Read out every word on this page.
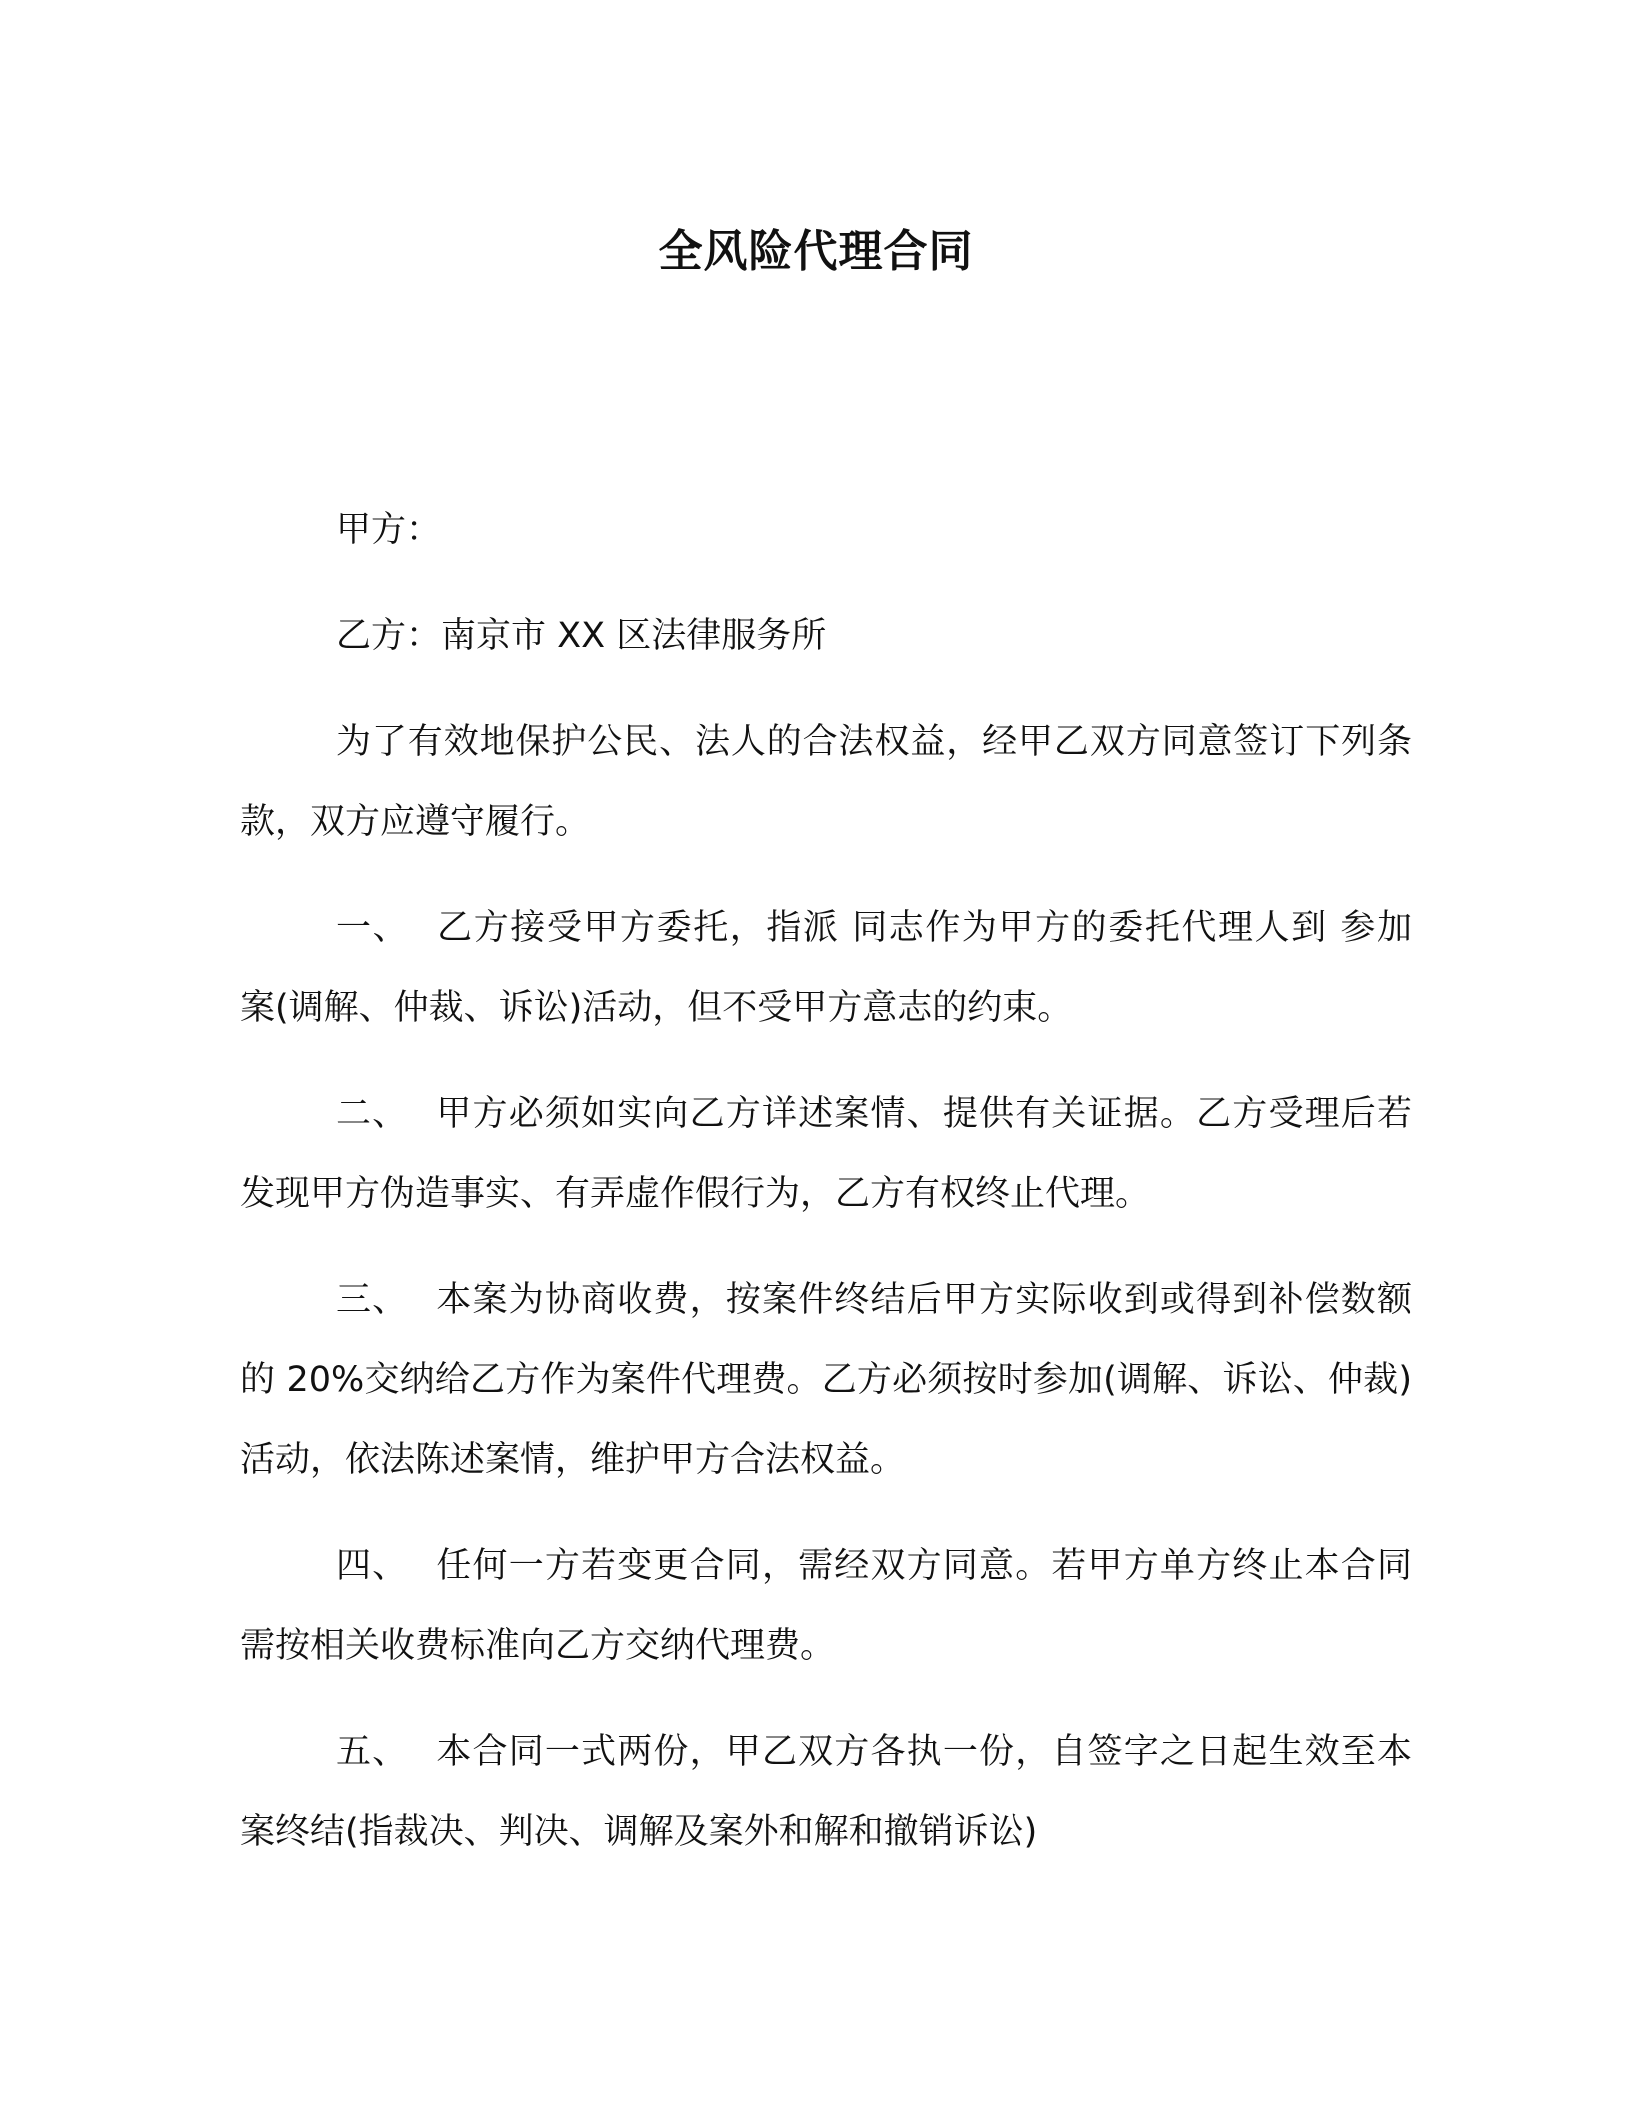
全风险代理合同

甲方：

乙方：南京市 XX 区法律服务所

为了有效地保护公民、法人的合法权益，经甲乙双方同意签订下列条款，双方应遵守履行。

一、 乙方接受甲方委托，指派 同志作为甲方的委托代理人到 参加 案(调解、仲裁、诉讼)活动，但不受甲方意志的约束。

二、 甲方必须如实向乙方详述案情、提供有关证据。乙方受理后若发现甲方伪造事实、有弄虚作假行为，乙方有权终止代理。

三、 本案为协商收费，按案件终结后甲方实际收到或得到补偿数额的 20%交纳给乙方作为案件代理费。乙方必须按时参加(调解、诉讼、仲裁)活动，依法陈述案情，维护甲方合法权益。

四、 任何一方若变更合同，需经双方同意。若甲方单方终止本合同需按相关收费标准向乙方交纳代理费。

五、 本合同一式两份，甲乙双方各执一份，自签字之日起生效至本案终结(指裁决、判决、调解及案外和解和撤销诉讼)
